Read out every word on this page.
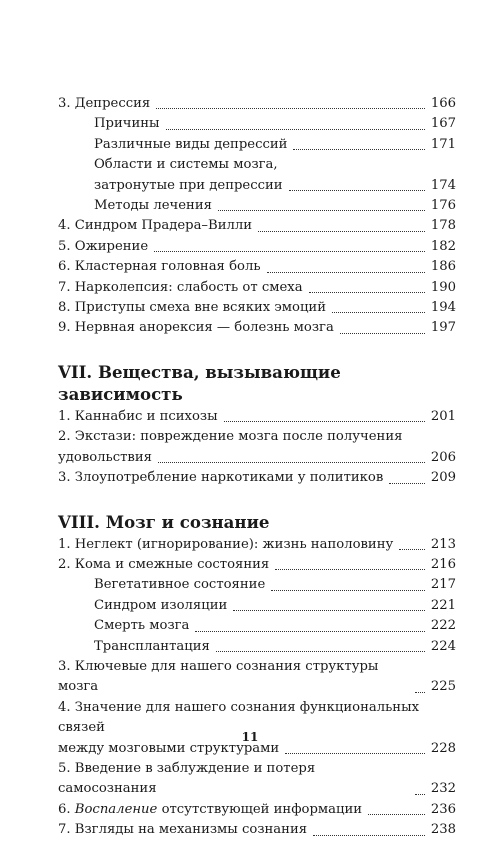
3. Депрессия	166
Причины	167
Различные виды депрессий	171
Области и системы мозга,
затронутые при депрессии	174
Методы лечения	176
4. Синдром Прадера–Вилли	178
5. Ожирение	182
6. Кластерная головная боль	186
7. Нарколепсия: слабость от смеха	190
8. Приступы смеха вне всяких эмоций	194
9. Нервная анорексия — болезнь мозга	197
VII. Вещества, вызывающие зависимость
1. Каннабис и психозы	201
2. Экстази: повреждение мозга после получения
удовольствия	206
3. Злоупотребление наркотиками у политиков	209
VIII. Мозг и сознание
1. Неглект (игнорирование): жизнь наполовину	213
2. Кома и смежные состояния	216
Вегетативное состояние	217
Синдром изоляции	221
Смерть мозга	222
Трансплантация	224
3. Ключевые для нашего сознания структуры мозга	225
4. Значение для нашего сознания функциональных связей
между мозговыми структурами	228
5. Введение в заблуждение и потеря самосознания	232
6. Воспаление отсутствующей информации	236
7. Взгляды на механизмы сознания	238
11
